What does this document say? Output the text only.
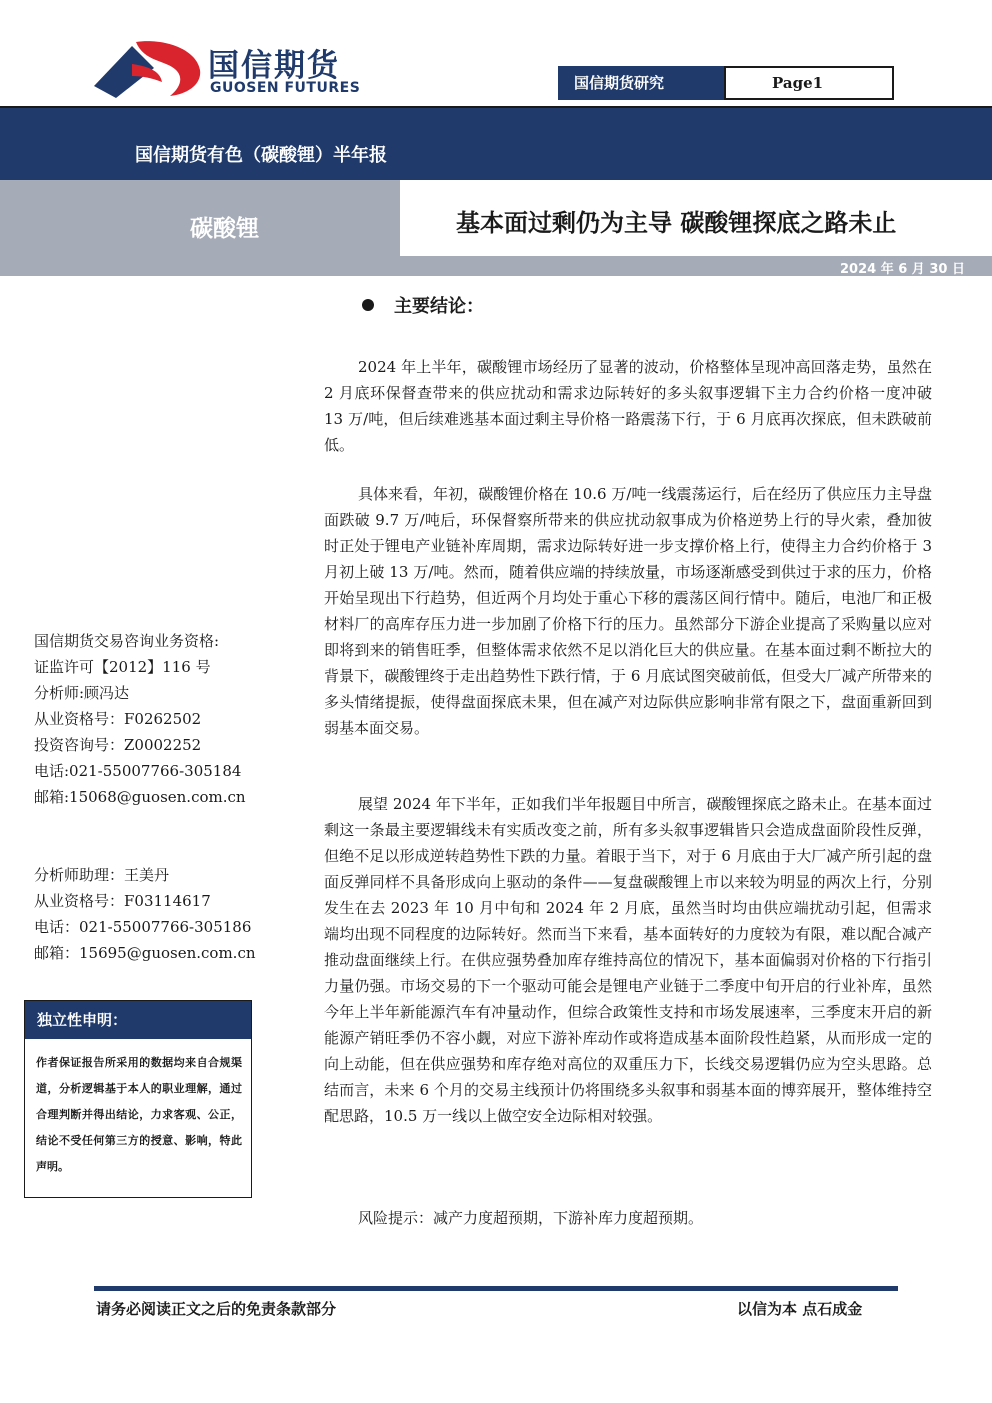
国信期货
GUOSEN FUTURES	国信期货研究	Page1
国信期货有色（碳酸锂）半年报
碳酸锂	基本面过剩仍为主导 碳酸锂探底之路未止
2024 年 6 月 30 日
主要结论：

2024 年上半年，碳酸锂市场经历了显著的波动，价格整体呈现冲高回落走势，虽然在 2 月底环保督查带来的供应扰动和需求边际转好的多头叙事逻辑下主力合约价格一度冲破 13 万/吨，但后续难逃基本面过剩主导价格一路震荡下行，于 6 月底再次探底，但未跌破前低。

具体来看，年初，碳酸锂价格在 10.6 万/吨一线震荡运行，后在经历了供应压力主导盘面跌破 9.7 万/吨后，环保督察所带来的供应扰动叙事成为价格逆势上行的导火索，叠加彼时正处于锂电产业链补库周期，需求边际转好进一步支撑价格上行，使得主力合约价格于 3 月初上破 13 万/吨。然而，随着供应端的持续放量，市场逐渐感受到供过于求的压力，价格开始呈现出下行趋势，但近两个月均处于重心下移的震荡区间行情中。随后，电池厂和正极材料厂的高库存压力进一步加剧了价格下行的压力。虽然部分下游企业提高了采购量以应对即将到来的销售旺季，但整体需求依然不足以消化巨大的供应量。在基本面过剩不断拉大的背景下，碳酸锂终于走出趋势性下跌行情，于 6 月底试图突破前低，但受大厂减产所带来的多头情绪提振，使得盘面探底未果，但在减产对边际供应影响非常有限之下，盘面重新回到弱基本面交易。

展望 2024 年下半年，正如我们半年报题目中所言，碳酸锂探底之路未止。在基本面过剩这一条最主要逻辑线未有实质改变之前，所有多头叙事逻辑皆只会造成盘面阶段性反弹，但绝不足以形成逆转趋势性下跌的力量。着眼于当下，对于 6 月底由于大厂减产所引起的盘面反弹同样不具备形成向上驱动的条件——复盘碳酸锂上市以来较为明显的两次上行，分别发生在去 2023 年 10 月中旬和 2024 年 2 月底，虽然当时均由供应端扰动引起，但需求端均出现不同程度的边际转好。然而当下来看，基本面转好的力度较为有限，难以配合减产推动盘面继续上行。在供应强势叠加库存维持高位的情况下，基本面偏弱对价格的下行指引力量仍强。市场交易的下一个驱动可能会是锂电产业链于二季度中旬开启的行业补库，虽然今年上半年新能源汽车有冲量动作，但综合政策性支持和市场发展速率，三季度末开启的新能源产销旺季仍不容小觑，对应下游补库动作或将造成基本面阶段性趋紧，从而形成一定的向上动能，但在供应强势和库存绝对高位的双重压力下，长线交易逻辑仍应为空头思路。总结而言，未来 6 个月的交易主线预计仍将围绕多头叙事和弱基本面的博弈展开，整体维持空配思路，10.5 万一线以上做空安全边际相对较强。

风险提示：减产力度超预期，下游补库力度超预期。
国信期货交易咨询业务资格:
证监许可【2012】116 号
分析师:顾冯达
从业资格号：F0262502
投资咨询号：Z0002252
电话:021-55007766-305184
邮箱:15068@guosen.com.cn
分析师助理：王美丹
从业资格号：F03114617
电话：021-55007766-305186
邮箱：15695@guosen.com.cn
独立性申明：
作者保证报告所采用的数据均来自合规渠道，分析逻辑基于本人的职业理解，通过合理判断并得出结论，力求客观、公正，结论不受任何第三方的授意、影响，特此声明。
请务必阅读正文之后的免责条款部分	以信为本 点石成金
